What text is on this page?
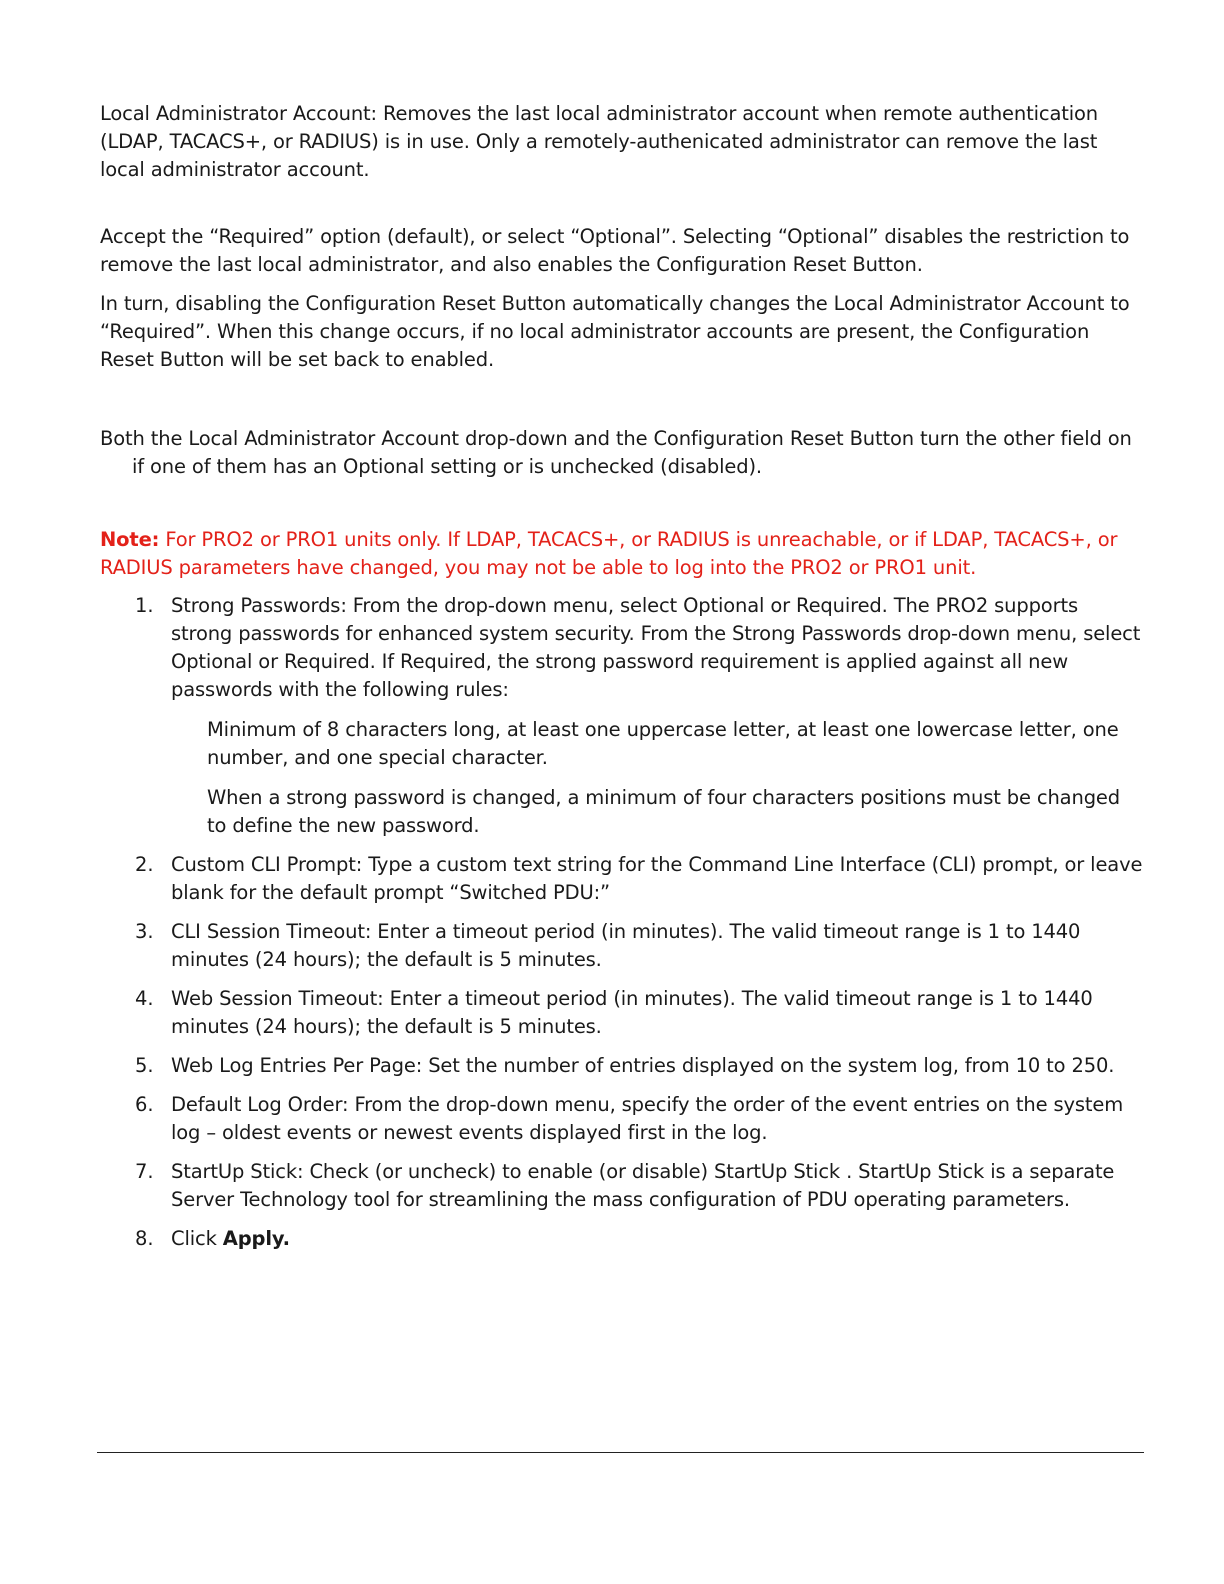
Local Administrator Account: Removes the last local administrator account when remote authentication (LDAP, TACACS+, or RADIUS) is in use. Only a remotely-authenicated administrator can remove the last local administrator account.

Accept the “Required” option (default), or select “Optional”. Selecting “Optional” disables the restriction to remove the last local administrator, and also enables the Configuration Reset Button.

In turn, disabling the Configuration Reset Button automatically changes the Local Administrator Account to “Required”. When this change occurs, if no local administrator accounts are present, the Configuration Reset Button will be set back to enabled.

Both the Local Administrator Account drop-down and the Configuration Reset Button turn the other field on if one of them has an Optional setting or is unchecked (disabled).

Note: For PRO2 or PRO1 units only. If LDAP, TACACS+, or RADIUS is unreachable, or if LDAP, TACACS+, or RADIUS parameters have changed, you may not be able to log into the PRO2 or PRO1 unit.

1. Strong Passwords: From the drop-down menu, select Optional or Required. The PRO2 supports strong passwords for enhanced system security. From the Strong Passwords drop-down menu, select Optional or Required. If Required, the strong password requirement is applied against all new passwords with the following rules:

Minimum of 8 characters long, at least one uppercase letter, at least one lowercase letter, one number, and one special character.

When a strong password is changed, a minimum of four characters positions must be changed to define the new password.

2. Custom CLI Prompt: Type a custom text string for the Command Line Interface (CLI) prompt, or leave blank for the default prompt “Switched PDU:”

3. CLI Session Timeout: Enter a timeout period (in minutes). The valid timeout range is 1 to 1440 minutes (24 hours); the default is 5 minutes.

4. Web Session Timeout: Enter a timeout period (in minutes). The valid timeout range is 1 to 1440 minutes (24 hours); the default is 5 minutes.

5. Web Log Entries Per Page: Set the number of entries displayed on the system log, from 10 to 250.

6. Default Log Order: From the drop-down menu, specify the order of the event entries on the system log – oldest events or newest events displayed first in the log.

7. StartUp Stick: Check (or uncheck) to enable (or disable) StartUp Stick . StartUp Stick is a separate Server Technology tool for streamlining the mass configuration of PDU operating parameters.

8. Click Apply.
